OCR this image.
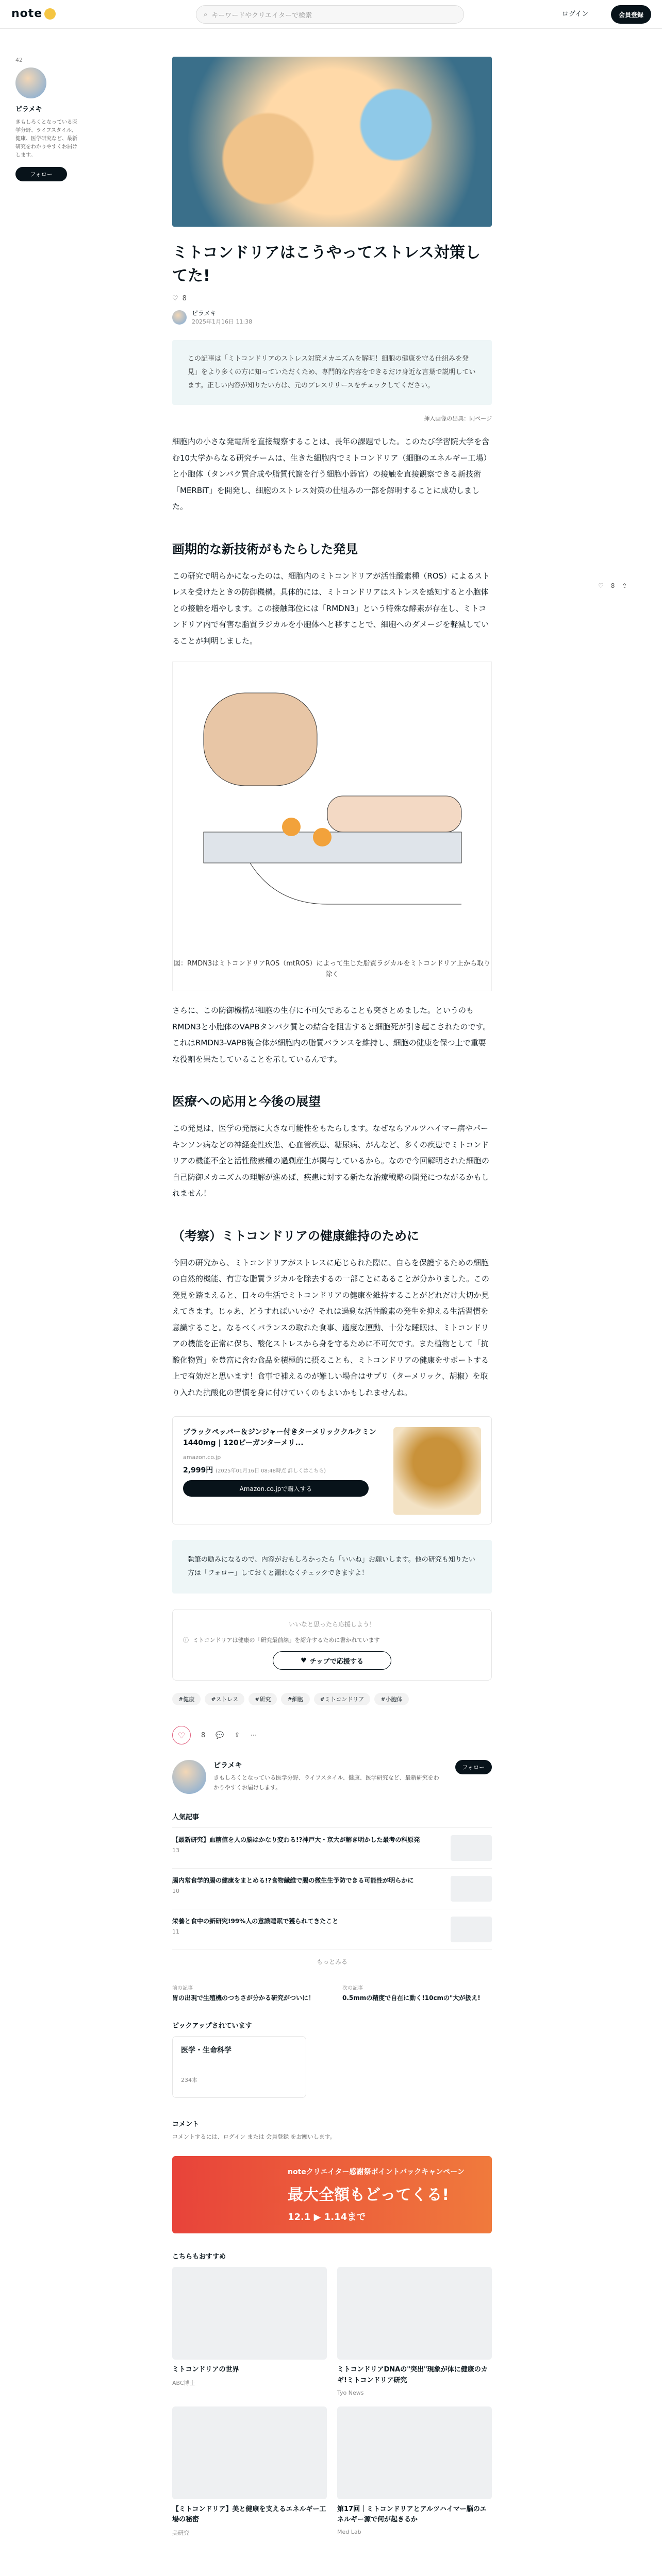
note	⌕ キーワードやクリエイターで検索	ログイン	会員登録
42
ピラメキ
きもしろくとなっている医学分野、ライフスタイル、健康、医学研究など、最新研究をわかりやすくお届けします。
フォロー
♡ 8 ⇪
ミトコンドリアはこうやってストレス対策してた!
♡ 8
ピラメキ
2025年1月16日 11:38
この記事は「ミトコンドリアのストレス対策メカニズムを解明！細胞の健康を守る仕組みを発見」をより多くの方に知っていただくため、専門的な内容をできるだけ身近な言葉で説明しています。正しい内容が知りたい方は、元のプレスリリースをチェックしてください。
挿入画像の出典：同ページ

細胞内の小さな発電所を直接観察することは、長年の課題でした。このたび学習院大学を含む10大学からなる研究チームは、生きた細胞内でミトコンドリア（細胞のエネルギー工場）と小胞体（タンパク質合成や脂質代謝を行う細胞小器官）の接触を直接観察できる新技術「MERBiT」を開発し、細胞のストレス対策の仕組みの一部を解明することに成功しました。

画期的な新技術がもたらした発見

この研究で明らかになったのは、細胞内のミトコンドリアが活性酸素種（ROS）によるストレスを受けたときの防御機構。具体的には、ミトコンドリアはストレスを感知すると小胞体との接触を増やします。この接触部位には「RMDN3」という特殊な酵素が存在し、ミトコンドリア内で有害な脂質ラジカルを小胞体へと移すことで、細胞へのダメージを軽減していることが判明しました。

図：RMDN3はミトコンドリアROS（mtROS）によって生じた脂質ラジカルをミトコンドリア上から取り除く

さらに、この防御機構が細胞の生存に不可欠であることも突きとめました。というのもRMDN3と小胞体のVAPBタンパク質との結合を阻害すると細胞死が引き起こされたのです。これはRMDN3-VAPB複合体が細胞内の脂質バランスを維持し、細胞の健康を保つ上で重要な役割を果たしていることを示しているんです。

医療への応用と今後の展望

この発見は、医学の発展に大きな可能性をもたらします。なぜならアルツハイマー病やパーキンソン病などの神経変性疾患、心血管疾患、糖尿病、がんなど、多くの疾患でミトコンドリアの機能不全と活性酸素種の過剰産生が関与しているから。なので今回解明された細胞の自己防御メカニズムの理解が進めば、疾患に対する新たな治療戦略の開発につながるかもしれません！

（考察）ミトコンドリアの健康維持のために

今回の研究から、ミトコンドリアがストレスに応じられた際に、自らを保護するための細胞の自然的機能、有害な脂質ラジカルを除去するの一部ことにあることが分かりました。この発見を踏まえると、日々の生活でミトコンドリアの健康を維持することがどれだけ大切か見えてきます。じゃあ、どうすればいいか？それは過剰な活性酸素の発生を抑える生活習慣を意識すること。なるべくバランスの取れた食事、適度な運動、十分な睡眠は、ミトコンドリアの機能を正常に保ち、酸化ストレスから身を守るために不可欠です。また植物として「抗酸化物質」を豊富に含む食品を積極的に摂ることも、ミトコンドリアの健康をサポートする上で有効だと思います！食事で補えるのが難しい場合はサプリ（ターメリック、胡椒）を取り入れた抗酸化の習慣を身に付けていくのもよいかもしれませんね。

ブラックペッパー＆ジンジャー付きターメリッククルクミン1440mg | 120ビーガンターメリ...
amazon.co.jp
2,999円 (2025年01月16日 08:48時点 詳しくはこちら)
Amazon.co.jpで購入する
執筆の励みになるので、内容がおもしろかったら「いいね」お願いします。他の研究も知りたい方は「フォロー」しておくと漏れなくチェックできますよ！
いいなと思ったら応援しよう！
ⓘ ミトコンドリアは健康の「研究最前線」を紹介するために書かれています
♥ チップで応援する
#健康	#ストレス	#研究	#細胞	#ミトコンドリア	#小胞体
♡	8 💬 ⇪ ⋯
ピラメキ
きもしろくとなっている医学分野、ライフスタイル、健康、医学研究など、最新研究をわかりやすくお届けします。
フォロー
人気記事
【最新研究】血糖値を人の脳はかなり変わる!?神戸大・京大が解き明かした最考の科原発
13
腸内常食学的腸の健康をまとめる!?食物繊維で腸の微生生予防できる可能性が明らかに
10
栄養と食中の新研究!99%人の意識睡眠で獲られてきたこと
11
もっとみる
前の記事
胃の出現で生殖機のつちさが分かる研究がついに！
次の記事
0.5mmの精度で自在に動く!10cmの"大が扱え!
ピックアップされています
医学・生命科学
234本
コメント
コメントするには、ログイン または 会員登録 をお願いします。
noteクリエイター感謝祭ポイントバックキャンペーン
最大全額もどってくる!
12.1 ▶ 1.14まで
こちらもおすすめ
ミトコンドリアの世界
ABC博士
ミトコンドリアDNAの"突出"現象が体に健康のカギ!ミトコンドリア研究
Tyo News
【ミトコンドリア】美と健康を支えるエネルギー工場の秘密
美研究
第17回｜ミトコンドリアとアルツハイマー脳のエネルギー源で何が起きるか
Med Lab
